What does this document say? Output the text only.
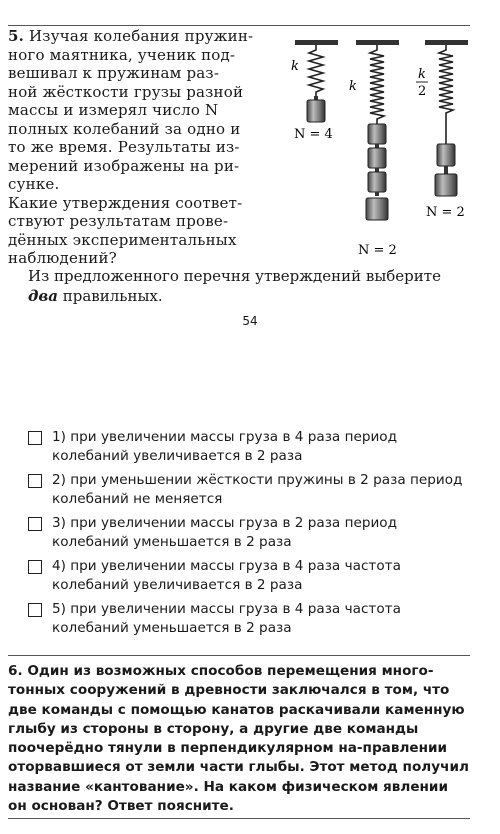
5. Изучая колебания пружин-
ного маятника, ученик под-
вешивал к пружинам раз-
ной жёсткости грузы разной
массы и измерял число N
полных колебаний за одно и
то же время. Результаты из-
мерений изображены на ри-
сунке.
Какие утверждения соответ-
ствуют результатам прове-
дённых экспериментальных
наблюдений?
k
k
k
2
N = 4
N = 2
N = 2
Из предложенного перечня утверждений выберите два правильных.
54
1) при увеличении массы груза в 4 раза период колебаний увеличивается в 2 раза
2) при уменьшении жёсткости пружины в 2 раза период колебаний не меняется
3) при увеличении массы груза в 2 раза период колебаний уменьшается в 2 раза
4) при увеличении массы груза в 4 раза частота колебаний увеличивается в 2 раза
5) при увеличении массы груза в 4 раза частота колебаний уменьшается в 2 раза
6. Один из возможных способов перемещения много-тонных сооружений в древности заключался в том, что две команды с помощью канатов раскачивали каменную глыбу из стороны в сторону, а другие две команды поочерёдно тянули в перпендикулярном на-правлении оторвавшиеся от земли части глыбы. Этот метод получил название «кантование». На каком физическом явлении он основан? Ответ поясните.
